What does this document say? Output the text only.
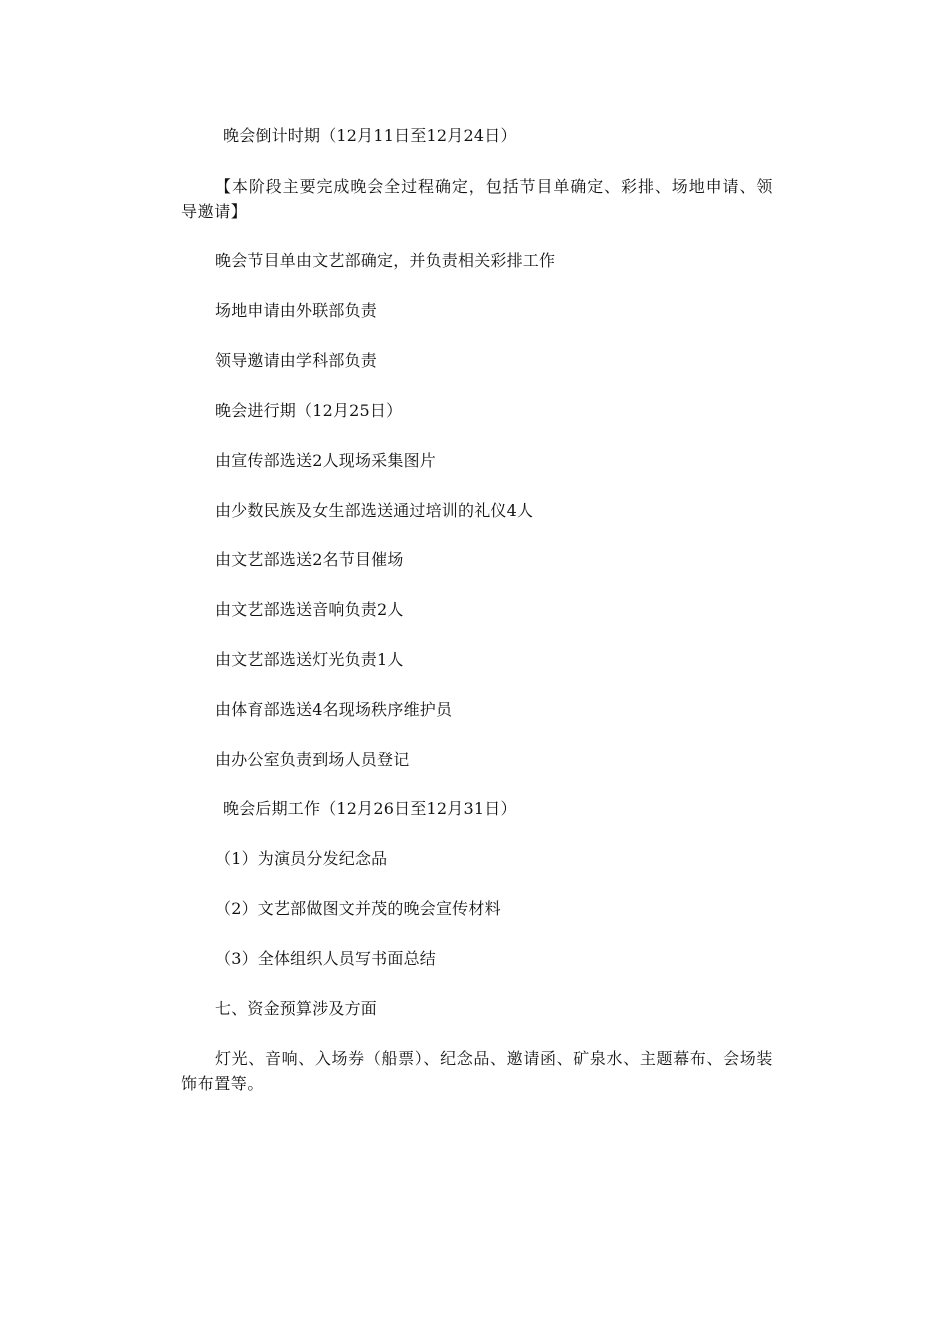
晚会倒计时期（12月11日至12月24日）
【本阶段主要完成晚会全过程确定，包括节目单确定、彩排、场地申请、领导邀请】
晚会节目单由文艺部确定，并负责相关彩排工作
场地申请由外联部负责
领导邀请由学科部负责
晚会进行期（12月25日）
由宣传部选送2人现场采集图片
由少数民族及女生部选送通过培训的礼仪4人
由文艺部选送2名节目催场
由文艺部选送音响负责2人
由文艺部选送灯光负责1人
由体育部选送4名现场秩序维护员
由办公室负责到场人员登记
晚会后期工作（12月26日至12月31日）
（1）为演员分发纪念品
（2）文艺部做图文并茂的晚会宣传材料
（3）全体组织人员写书面总结
七、资金预算涉及方面
灯光、音响、入场券（船票）、纪念品、邀请函、矿泉水、主题幕布、会场装饰布置等。
